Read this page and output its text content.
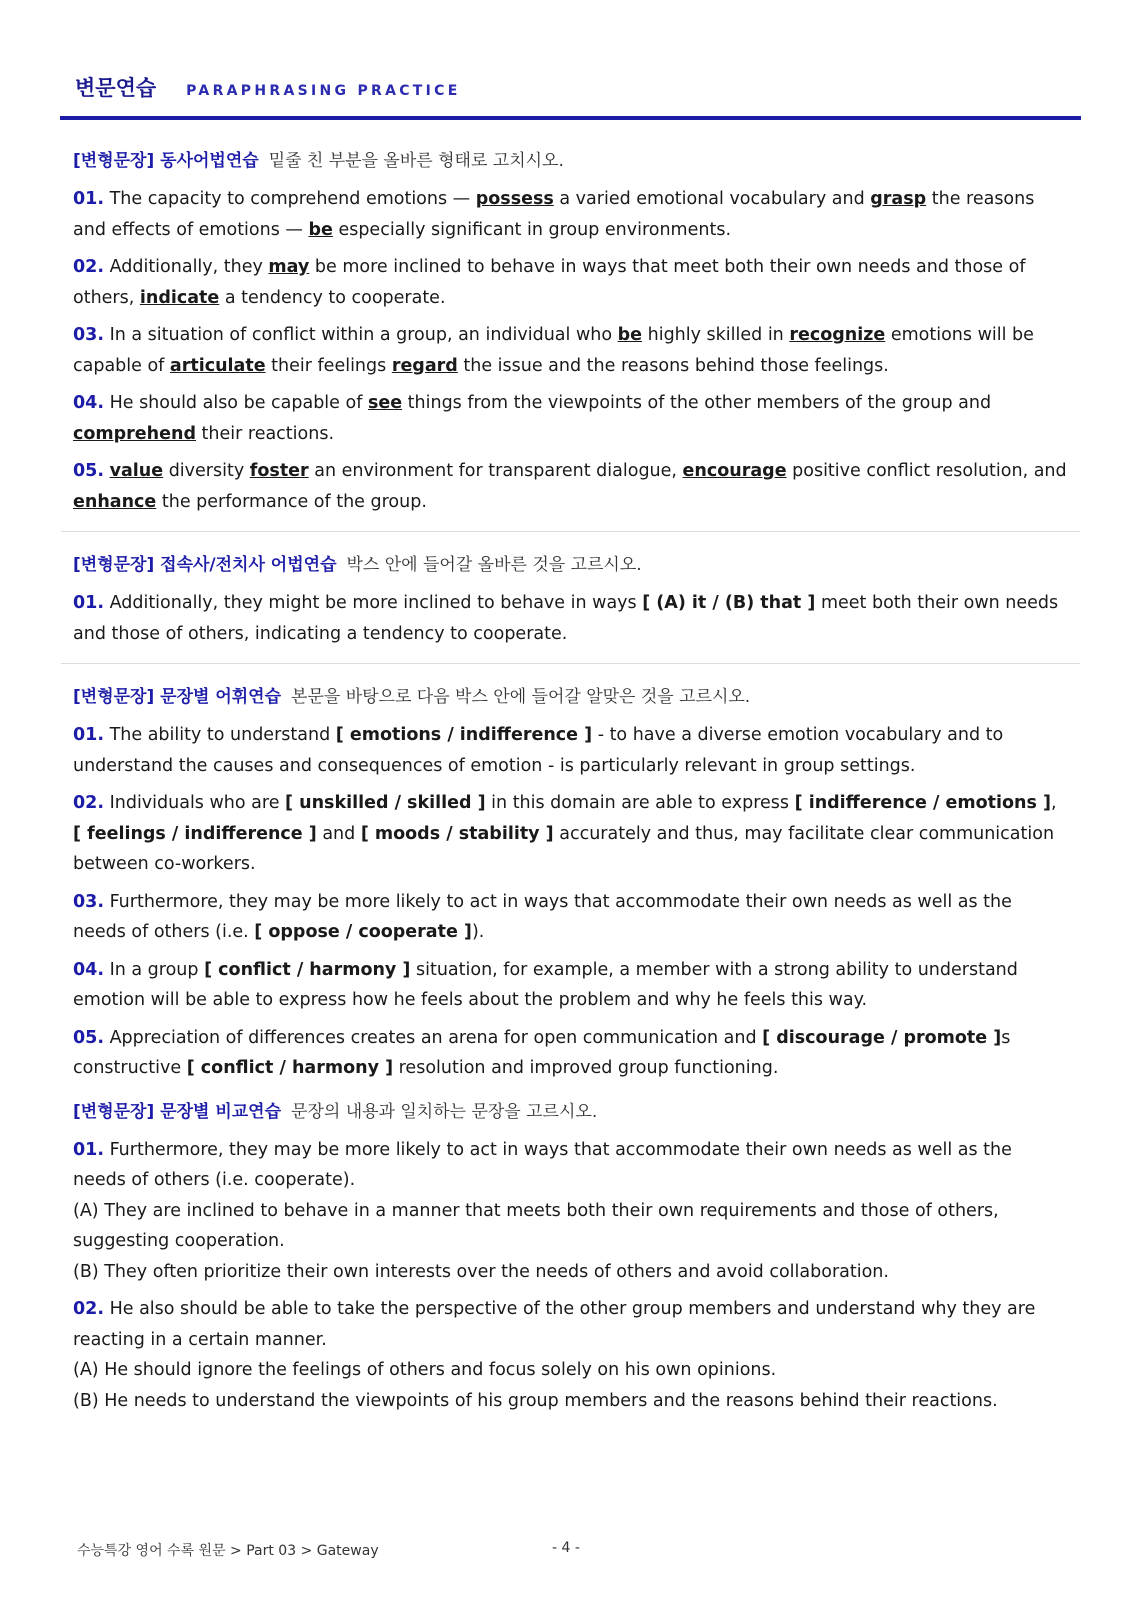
변문연습 PARAPHRASING PRACTICE
[변형문장] 동사어법연습 밑줄 친 부분을 올바른 형태로 고치시오.
01. The capacity to comprehend emotions — possess a varied emotional vocabulary and grasp the reasons and effects of emotions — be especially significant in group environments.
02. Additionally, they may be more inclined to behave in ways that meet both their own needs and those of others, indicate a tendency to cooperate.
03. In a situation of conflict within a group, an individual who be highly skilled in recognize emotions will be capable of articulate their feelings regard the issue and the reasons behind those feelings.
04. He should also be capable of see things from the viewpoints of the other members of the group and comprehend their reactions.
05. value diversity foster an environment for transparent dialogue, encourage positive conflict resolution, and enhance the performance of the group.
[변형문장] 접속사/전치사 어법연습 박스 안에 들어갈 올바른 것을 고르시오.
01. Additionally, they might be more inclined to behave in ways [ (A) it / (B) that ] meet both their own needs and those of others, indicating a tendency to cooperate.
[변형문장] 문장별 어휘연습 본문을 바탕으로 다음 박스 안에 들어갈 알맞은 것을 고르시오.
01. The ability to understand [ emotions / indifference ] - to have a diverse emotion vocabulary and to understand the causes and consequences of emotion - is particularly relevant in group settings.
02. Individuals who are [ unskilled / skilled ] in this domain are able to express [ indifference / emotions ], [ feelings / indifference ] and [ moods / stability ] accurately and thus, may facilitate clear communication between co-workers.
03. Furthermore, they may be more likely to act in ways that accommodate their own needs as well as the needs of others (i.e. [ oppose / cooperate ]).
04. In a group [ conflict / harmony ] situation, for example, a member with a strong ability to understand emotion will be able to express how he feels about the problem and why he feels this way.
05. Appreciation of differences creates an arena for open communication and [ discourage / promote ]s constructive [ conflict / harmony ] resolution and improved group functioning.
[변형문장] 문장별 비교연습 문장의 내용과 일치하는 문장을 고르시오.
01. Furthermore, they may be more likely to act in ways that accommodate their own needs as well as the needs of others (i.e. cooperate).
(A) They are inclined to behave in a manner that meets both their own requirements and those of others, suggesting cooperation.
(B) They often prioritize their own interests over the needs of others and avoid collaboration.
02. He also should be able to take the perspective of the other group members and understand why they are reacting in a certain manner.
(A) He should ignore the feelings of others and focus solely on his own opinions.
(B) He needs to understand the viewpoints of his group members and the reasons behind their reactions.
수능특강 영어 수록 원문 > Part 03 > Gateway	- 4 -
